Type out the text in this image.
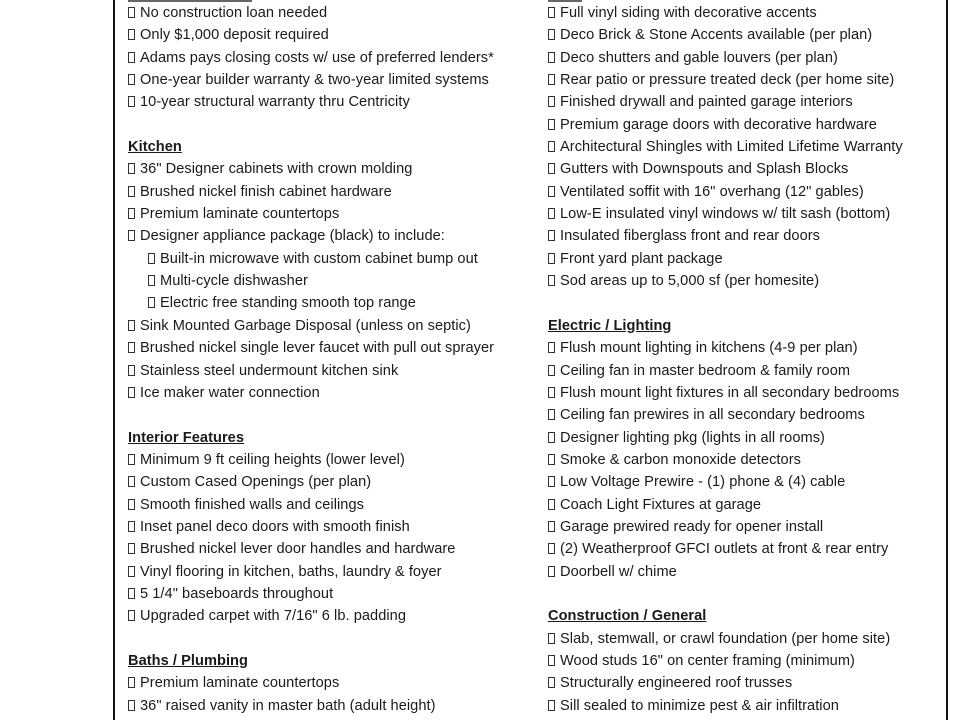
No construction loan needed
Only $1,000 deposit required
Adams pays closing costs w/ use of preferred lenders*
One-year builder warranty & two-year limited systems
10-year structural warranty thru Centricity
Kitchen
36" Designer cabinets with crown molding
Brushed nickel finish cabinet hardware
Premium laminate countertops
Designer appliance package (black) to include:
Built-in microwave with custom cabinet bump out
Multi-cycle dishwasher
Electric free standing smooth top range
Sink Mounted Garbage Disposal (unless on septic)
Brushed nickel single lever faucet with pull out sprayer
Stainless steel undermount kitchen sink
Ice maker water connection
Interior Features
Minimum 9 ft ceiling heights (lower level)
Custom Cased Openings (per plan)
Smooth finished walls and ceilings
Inset panel deco doors with smooth finish
Brushed nickel lever door handles and hardware
Vinyl flooring in kitchen, baths, laundry & foyer
5 1/4" baseboards throughout
Upgraded carpet with 7/16" 6 lb. padding
Baths / Plumbing
Premium laminate countertops
36" raised vanity in master bath (adult height)
Full vinyl siding with decorative accents
Deco Brick & Stone Accents available (per plan)
Deco shutters and gable louvers (per plan)
Rear patio or pressure treated deck (per home site)
Finished drywall and painted garage interiors
Premium garage doors with decorative hardware
Architectural Shingles with Limited Lifetime Warranty
Gutters with Downspouts and Splash Blocks
Ventilated soffit with 16" overhang (12" gables)
Low-E insulated vinyl windows w/ tilt sash (bottom)
Insulated fiberglass front and rear doors
Front yard plant package
Sod areas up to 5,000 sf (per homesite)
Electric / Lighting
Flush mount lighting in kitchens (4-9 per plan)
Ceiling fan in master bedroom & family room
Flush mount light fixtures in all secondary bedrooms
Ceiling fan prewires in all secondary bedrooms
Designer lighting pkg (lights in all rooms)
Smoke & carbon monoxide detectors
Low Voltage Prewire - (1) phone & (4) cable
Coach Light Fixtures at garage
Garage prewired ready for opener install
(2) Weatherproof GFCI outlets at front & rear entry
Doorbell w/ chime
Construction / General
Slab, stemwall, or crawl foundation (per home site)
Wood studs 16" on center framing (minimum)
Structurally engineered roof trusses
Sill sealed to minimize pest & air infiltration
